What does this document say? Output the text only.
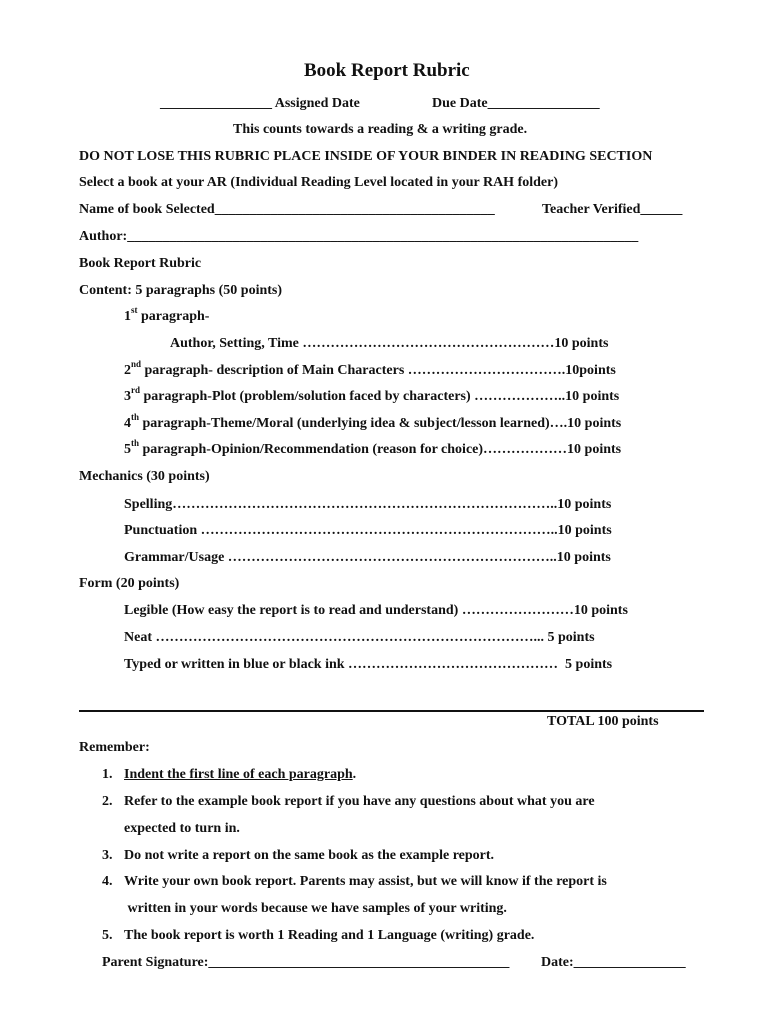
Book Report Rubric
________________ Assigned Date	Due Date________________
This counts towards a reading & a writing grade.
DO NOT LOSE THIS RUBRIC PLACE INSIDE OF YOUR BINDER IN READING SECTION
Select a book at your AR (Individual Reading Level located in your RAH folder)
Name of book Selected________________________________________	Teacher Verified______
Author:_________________________________________________________________________
Book Report Rubric
Content: 5 paragraphs (50 points)
1st paragraph-
Author, Setting, Time ………………………………………………10 points
2nd paragraph- description of Main Characters …………………………….10points
3rd paragraph-Plot (problem/solution faced by characters) ………………..10 points
4th paragraph-Theme/Moral (underlying idea & subject/lesson learned)….10 points
5th paragraph-Opinion/Recommendation (reason for choice)………………10 points
Mechanics (30 points)
Spelling………………………………………………………………………..10 points
Punctuation …………………………………………………………………..10 points
Grammar/Usage ……………………………………………………………..10 points
Form (20 points)
Legible (How easy the report is to read and understand) ……………………10 points
Neat ………………………………………………………………………... 5 points
Typed or written in blue or black ink ………………………………………  5 points
TOTAL 100 points
Remember:
1. Indent the first line of each paragraph.
2. Refer to the example book report if you have any questions about what you are
expected to turn in.
3. Do not write a report on the same book as the example report.
4. Write your own book report. Parents may assist, but we will know if the report is
written in your words because we have samples of your writing.
5. The book report is worth 1 Reading and 1 Language (writing) grade.
Parent Signature:___________________________________________ Date:________________
